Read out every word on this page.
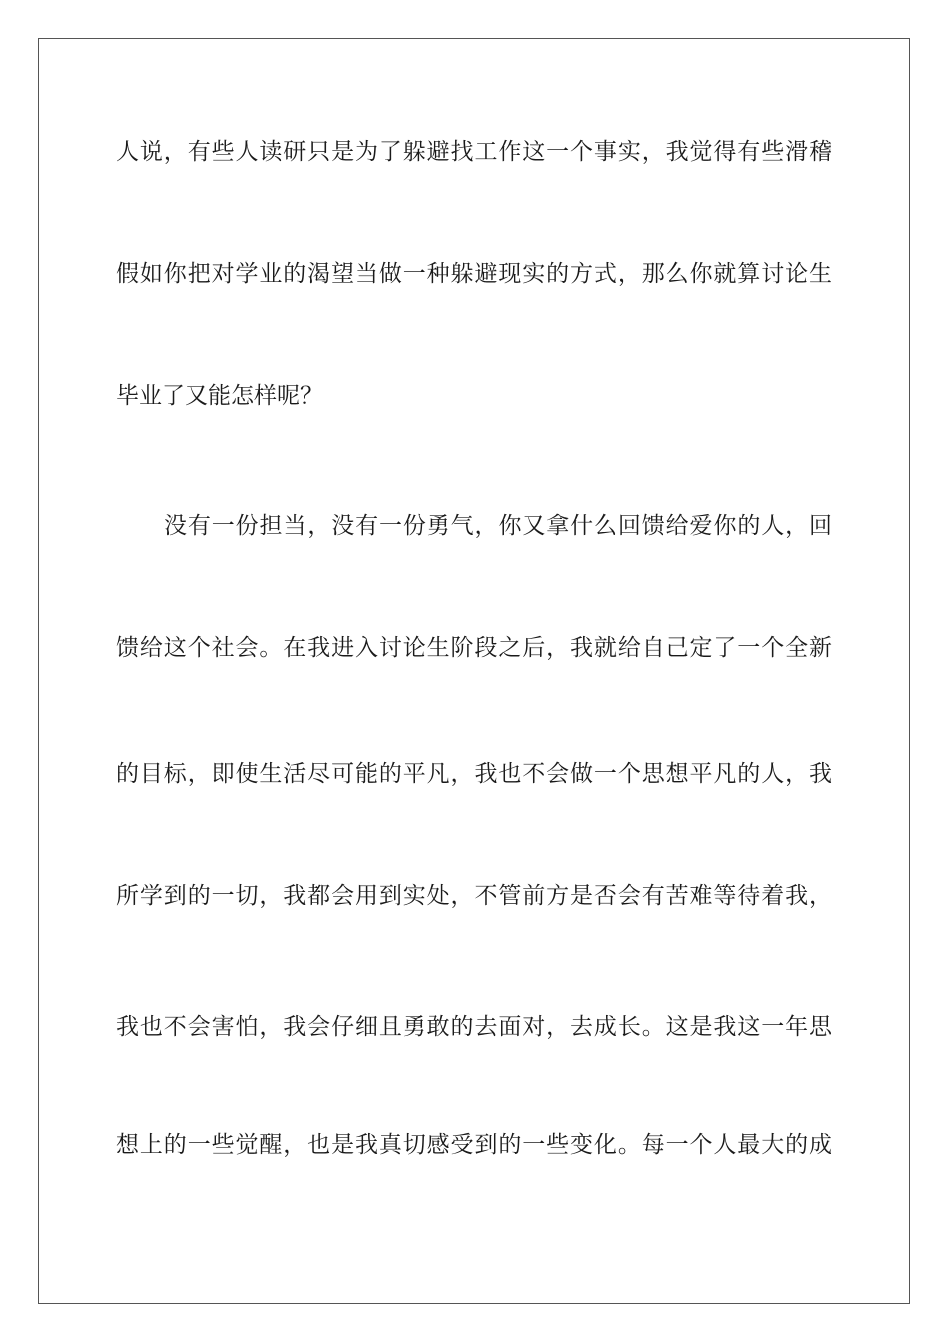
人说，有些人读研只是为了躲避找工作这一个事实，我觉得有些滑稽
假如你把对学业的渴望当做一种躲避现实的方式，那么你就算讨论生
毕业了又能怎样呢？
没有一份担当，没有一份勇气，你又拿什么回馈给爱你的人，回
馈给这个社会。在我进入讨论生阶段之后，我就给自己定了一个全新
的目标，即使生活尽可能的平凡，我也不会做一个思想平凡的人，我
所学到的一切，我都会用到实处，不管前方是否会有苦难等待着我，
我也不会害怕，我会仔细且勇敢的去面对，去成长。这是我这一年思
想上的一些觉醒，也是我真切感受到的一些变化。每一个人最大的成
